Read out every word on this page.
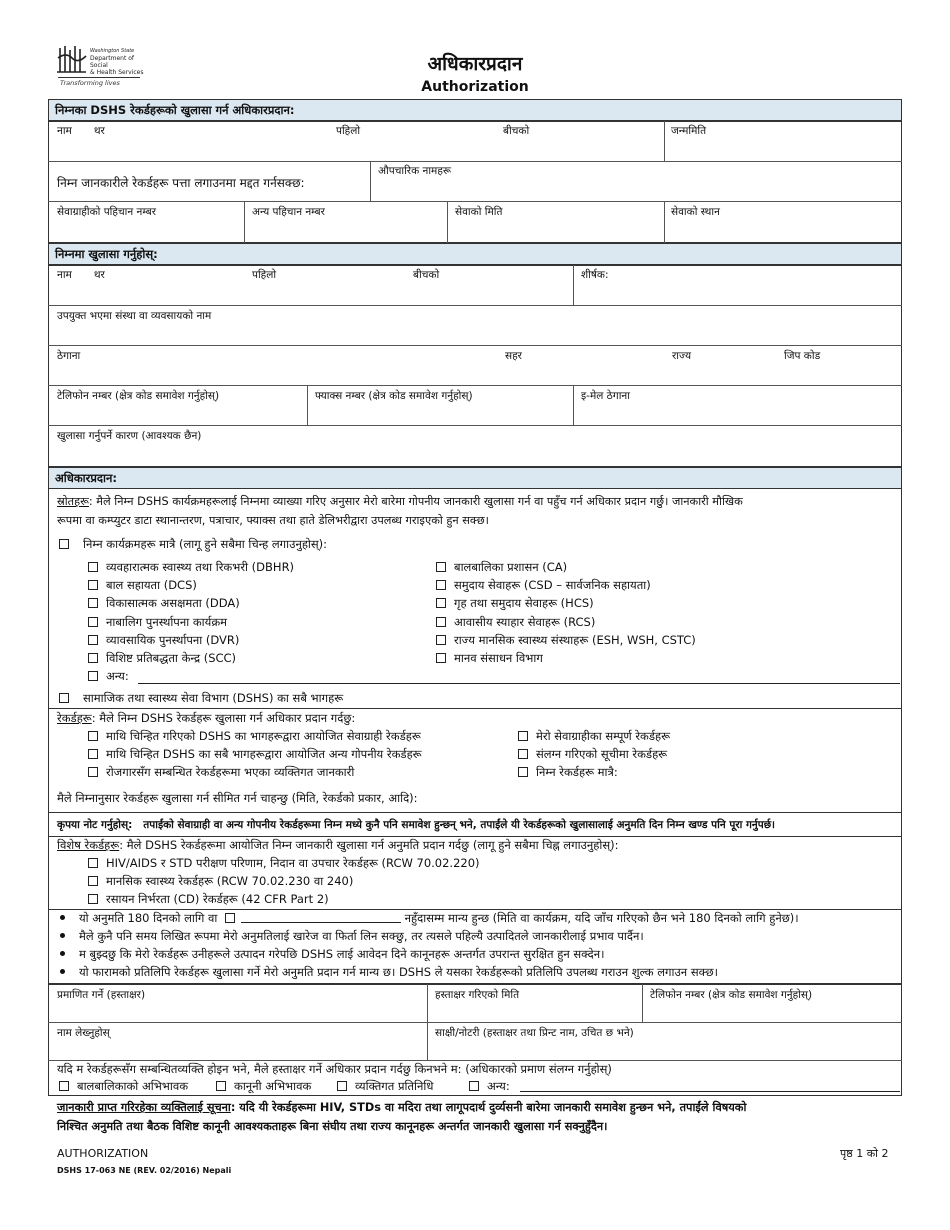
Washington State
Department of Social
& Health Services
Transforming lives
अधिकारप्रदान
Authorization
निम्नका DSHS रेकर्डहरूको खुलासा गर्न अधिकारप्रदान:
नाम थर	पहिलो	बीचको	जन्ममिति
निम्न जानकारीले रेकर्डहरू पत्ता लगाउनमा मद्दत गर्नसक्छ:
औपचारिक नामहरू
सेवाग्राहीको पहिचान नम्बर	अन्य पहिचान नम्बर	सेवाको मिति	सेवाको स्थान
निम्नमा खुलासा गर्नुहोस्:
नाम थर	पहिलो	बीचको	शीर्षक:
उपयुक्त भएमा संस्था वा व्यवसायको नाम
ठेगाना	सहर	राज्य	जिप कोड
टेलिफोन नम्बर (क्षेत्र कोड समावेश गर्नुहोस्)	फ्याक्स नम्बर (क्षेत्र कोड समावेश गर्नुहोस्)	इ-मेल ठेगाना
खुलासा गर्नुपर्ने कारण (आवश्यक छैन)
अधिकारप्रदान:
स्रोतहरू: मैले निम्न DSHS कार्यक्रमहरूलाई निम्नमा व्याख्या गरिए अनुसार मेरो बारेमा गोपनीय जानकारी खुलासा गर्न वा पहुँच गर्न अधिकार प्रदान गर्छु। जानकारी मौखिक
रूपमा वा कम्प्युटर डाटा स्थानान्तरण, पत्राचार, फ्याक्स तथा हाते डेलिभरीद्वारा उपलब्ध गराइएको हुन सक्छ।
निम्न कार्यक्रमहरू मात्रै (लागू हुने सबैमा चिन्ह लगाउनुहोस्):
व्यवहारात्मक स्वास्थ्य तथा रिकभरी (DBHR)
बाल सहायता (DCS)
विकासात्मक असक्षमता (DDA)
नाबालिग पुनर्स्थापना कार्यक्रम
व्यावसायिक पुनर्स्थापना (DVR)
विशिष्ट प्रतिबद्धता केन्द्र (SCC)
अन्य:
बालबालिका प्रशासन (CA)
समुदाय सेवाहरू (CSD – सार्वजनिक सहायता)
गृह तथा समुदाय सेवाहरू (HCS)
आवासीय स्याहार सेवाहरू (RCS)
राज्य मानसिक स्वास्थ्य संस्थाहरू (ESH, WSH, CSTC)
मानव संसाधन विभाग
सामाजिक तथा स्वास्थ्य सेवा विभाग (DSHS) का सबै भागहरू
रेकर्डहरू: मैले निम्न DSHS रेकर्डहरू खुलासा गर्न अधिकार प्रदान गर्दछु:
माथि चिन्हित गरिएको DSHS का भागहरूद्वारा आयोजित सेवाग्राही रेकर्डहरू
माथि चिन्हित DSHS का सबै भागहरूद्वारा आयोजित अन्य गोपनीय रेकर्डहरू
रोजगारसँग सम्बन्धित रेकर्डहरूमा भएका व्यक्तिगत जानकारी
मेरो सेवाग्राहीका सम्पूर्ण रेकर्डहरू
संलग्न गरिएको सूचीमा रेकर्डहरू
निम्न रेकर्डहरू मात्रै:
मैले निम्नानुसार रेकर्डहरू खुलासा गर्न सीमित गर्न चाहन्छु (मिति, रेकर्डको प्रकार, आदि):
कृपया नोट गर्नुहोस्: तपाईंको सेवाग्राही वा अन्य गोपनीय रेकर्डहरूमा निम्न मध्ये कुनै पनि समावेश हुन्छन् भने, तपाईंले यी रेकर्डहरूको खुलासालाई अनुमति दिन निम्न खण्ड पनि पूरा गर्नुपर्छ।
विशेष रेकर्डहरू: मैले DSHS रेकर्डहरूमा आयोजित निम्न जानकारी खुलासा गर्न अनुमति प्रदान गर्दछु (लागू हुने सबैमा चिह्न लगाउनुहोस्):
HIV/AIDS र STD परीक्षण परिणाम, निदान वा उपचार रेकर्डहरू (RCW 70.02.220)
मानसिक स्वास्थ्य रेकर्डहरू (RCW 70.02.230 वा 240)
रसायन निर्भरता (CD) रेकर्डहरू (42 CFR Part 2)
यो अनुमति 180 दिनको लागि वा	नहुँदासम्म मान्य हुन्छ (मिति वा कार्यक्रम, यदि जाँच गरिएको छैन भने 180 दिनको लागि हुनेछ)।
मैले कुनै पनि समय लिखित रूपमा मेरो अनुमतिलाई खारेज वा फिर्ता लिन सक्छु, तर त्यसले पहिल्यै उत्पादितले जानकारीलाई प्रभाव पार्दैन।
म बुझ्दछु कि मेरो रेकर्डहरू उनीहरूले उत्पादन गरेपछि DSHS लाई आवेदन दिने कानूनहरू अन्तर्गत उपरान्त सुरक्षित हुन सक्देन।
यो फारामको प्रतिलिपि रेकर्डहरू खुलासा गर्ने मेरो अनुमति प्रदान गर्न मान्य छ। DSHS ले यसका रेकर्डहरूको प्रतिलिपि उपलब्ध गराउन शुल्क लगाउन सक्छ।
प्रमाणित गर्ने (हस्ताक्षर)	हस्ताक्षर गरिएको मिति	टेलिफोन नम्बर (क्षेत्र कोड समावेश गर्नुहोस्)
नाम लेख्नुहोस्	साक्षी/नोटरी (हस्ताक्षर तथा प्रिन्ट नाम, उचित छ भने)
यदि म रेकर्डहरूसँग सम्बन्धितव्यक्ति होइन भने, मैले हस्ताक्षर गर्ने अधिकार प्रदान गर्दछु किनभने म: (अधिकारको प्रमाण संलग्न गर्नुहोस्)
बालबालिकाको अभिभावक	कानूनी अभिभावक	व्यक्तिगत प्रतिनिधि	अन्य:
जानकारी प्राप्त गरिरहेका व्यक्तिलाई सूचना: यदि यी रेकर्डहरूमा HIV, STDs वा मदिरा तथा लागूपदार्थ दुर्व्यसनी बारेमा जानकारी समावेश हुन्छन भने, तपाईंले विषयको
निश्चित अनुमति तथा बैठक विशिष्ट कानूनी आवश्यकताहरू बिना संघीय तथा राज्य कानूनहरू अन्तर्गत जानकारी खुलासा गर्न सक्नुहुँदैन।
AUTHORIZATION	पृष्ठ 1 को 2
DSHS 17-063 NE (REV. 02/2016) Nepali
